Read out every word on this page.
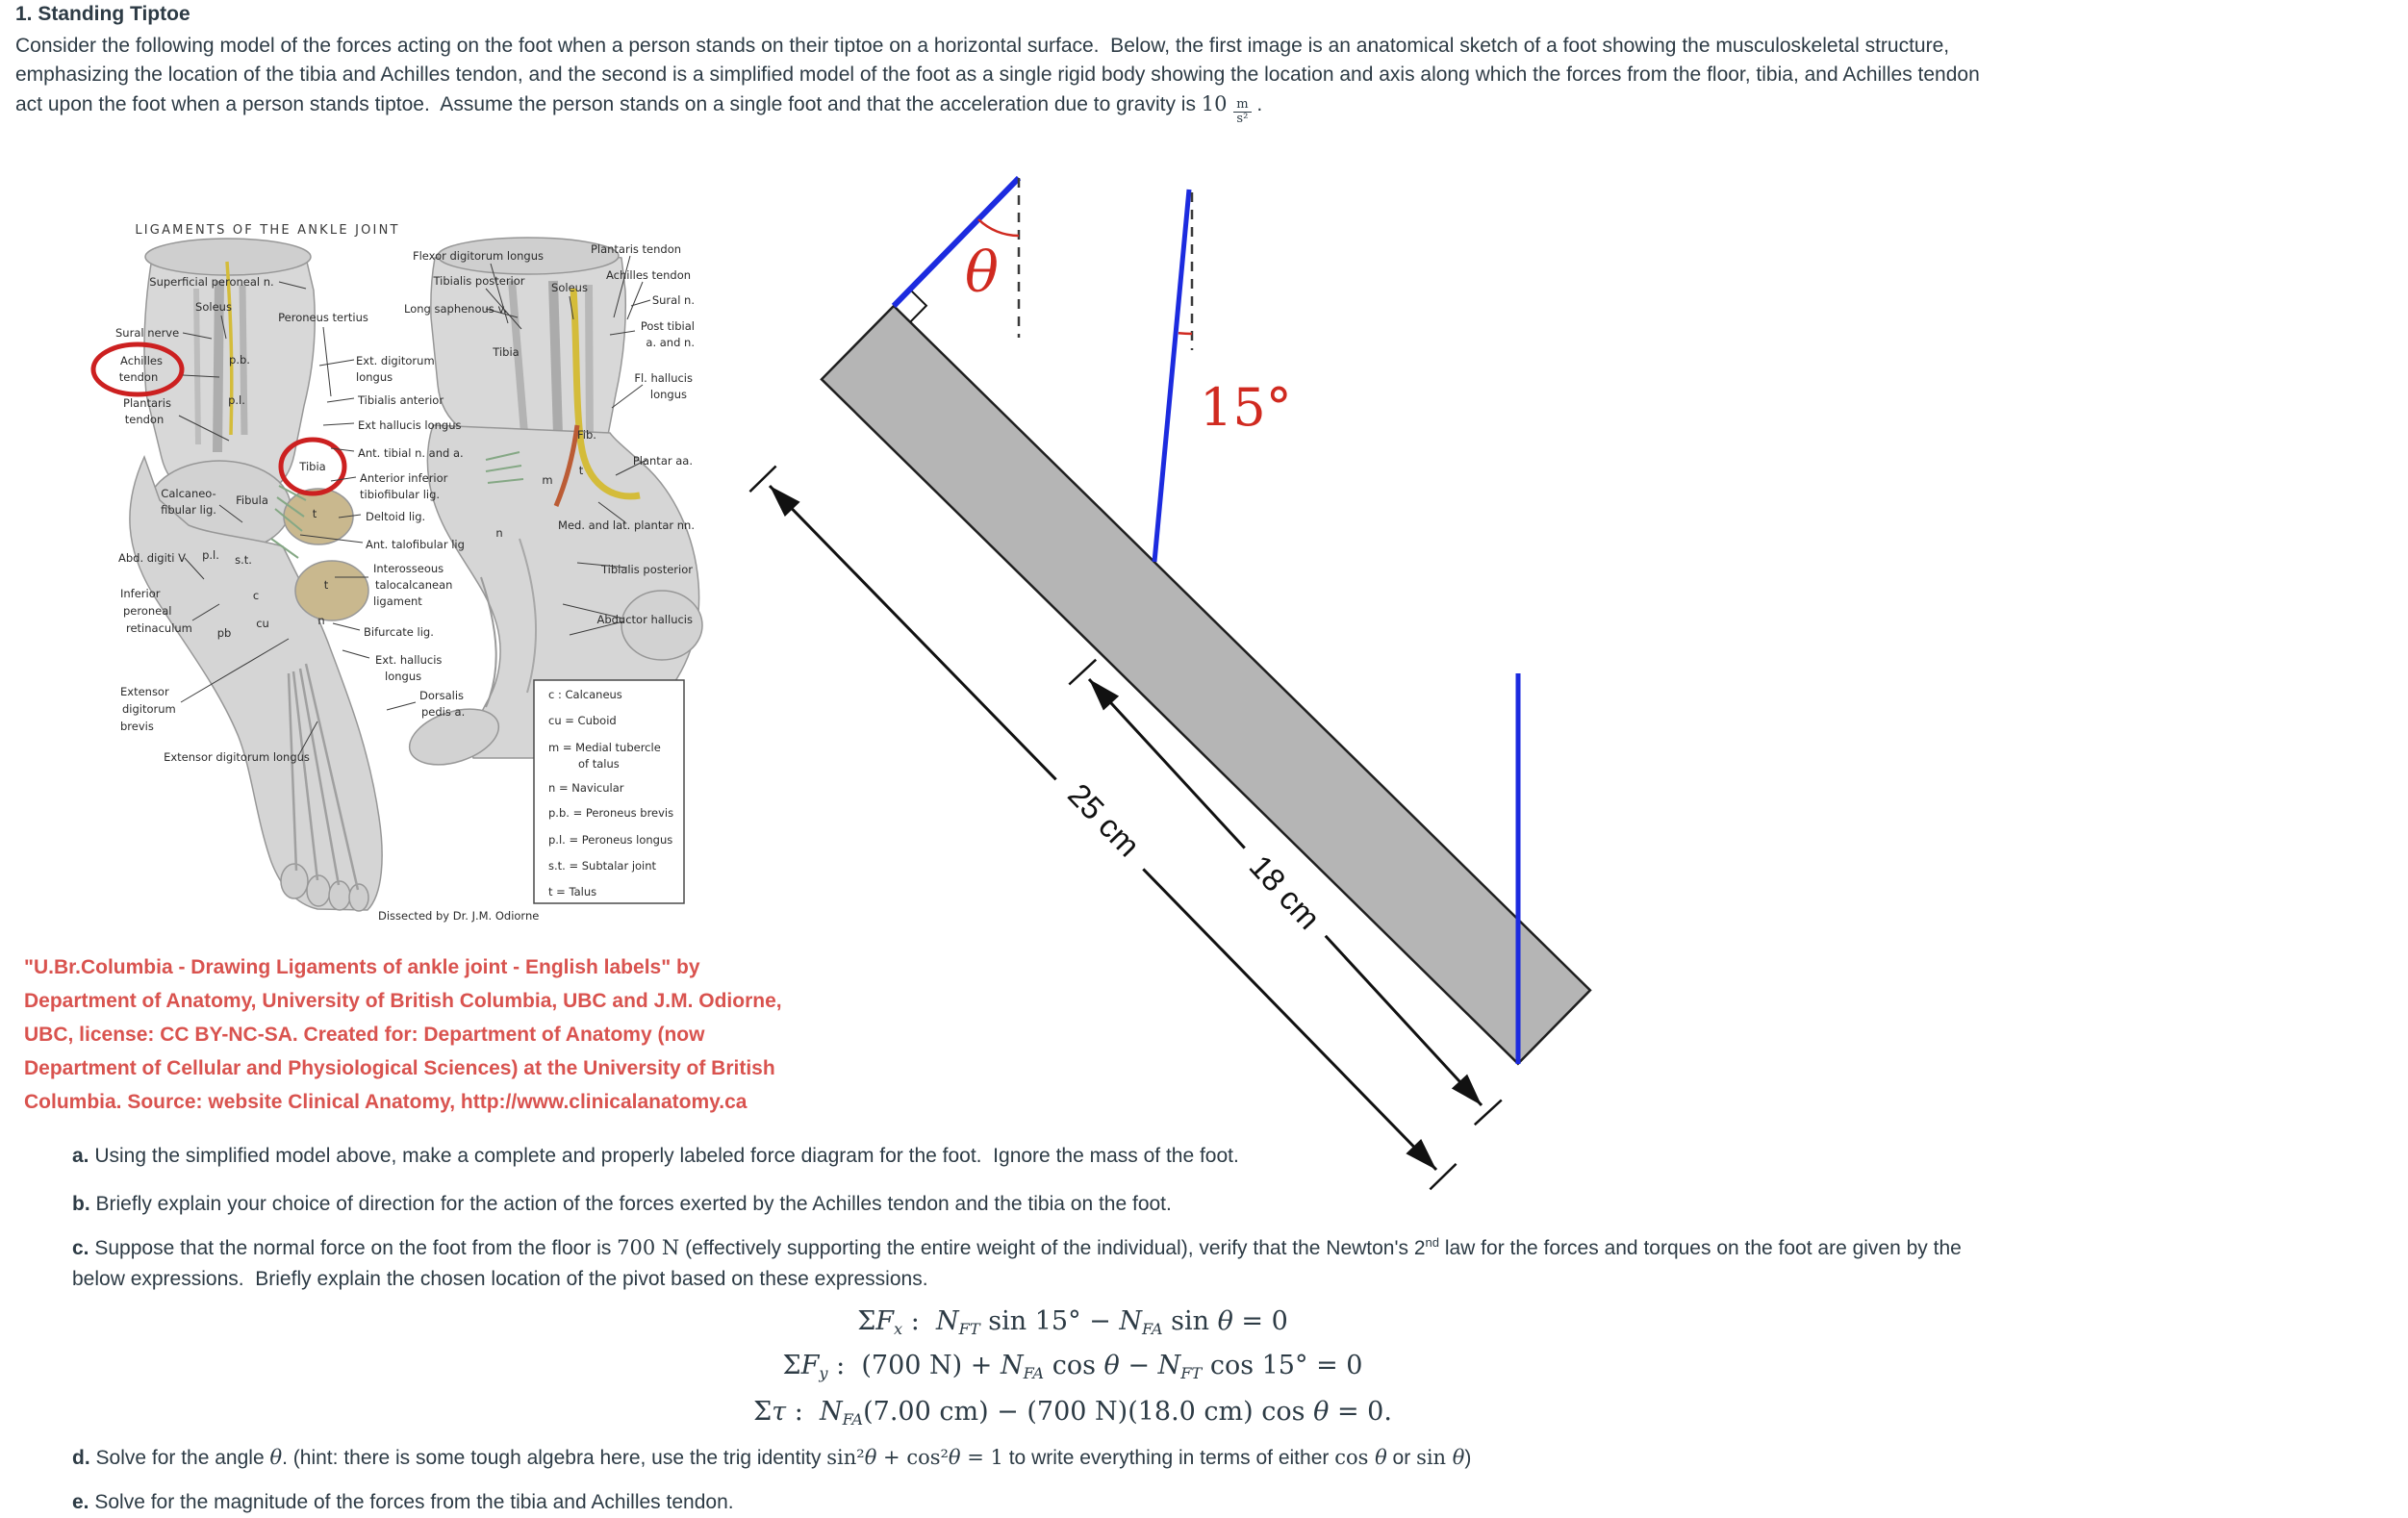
1. Standing Tiptoe
Consider the following model of the forces acting on the foot when a person stands on their tiptoe on a horizontal surface.  Below, the first image is an anatomical sketch of a foot showing the musculoskeletal structure,
emphasizing the location of the tibia and Achilles tendon, and the second is a simplified model of the foot as a single rigid body showing the location and axis along which the forces from the floor, tibia, and Achilles tendon
act upon the foot when a person stands tiptoe.  Assume the person stands on a single foot and that the acceleration due to gravity is $10 \frac{m}{\text{s²}}$ .
LIGAMENTS OF THE ANKLE JOINT
Superficial peroneal n.
Soleus
Peroneus tertius
Sural nerve
Achilles
tendon
Plantaris
tendon
p.b.
p.l.
Calcaneo-
fibular lig.
Fibula
Abd. digiti V
Inferior
peroneal
retinaculum
Extensor
digitorum
brevis
Extensor digitorum longus
Ext. digitorum
longus
Tibialis anterior
Ext hallucis longus
Ant. tibial n. and a.
Tibia
Anterior inferior
tibiofibular lig.
Deltoid lig.
Ant. talofibular lig
Interosseous
talocalcanean
ligament
Bifurcate lig.
Ext. hallucis
longus
Dorsalis
pedis a.
s.t.
c
cu	n
t
t
pb
p.l.
Flexor digitorum longus
Tibialis posterior Soleus
Plantaris tendon
Achilles tendon
Sural n.
Long saphenous v.
Post tibial
a. and n.
Tibia
Fl. hallucis
longus
Fib.
Plantar aa.
Med. and lat. plantar nn.
Tibialis posterior
Abductor hallucis
m
n
t
c : Calcaneus
cu = Cuboid
m = Medial tubercle
of talus
n = Navicular
p.b. = Peroneus brevis
p.l. = Peroneus longus
s.t. = Subtalar joint
t = Talus
Dissected by Dr. J.M. Odiorne
"U.Br.Columbia - Drawing Ligaments of ankle joint - English labels" by
Department of Anatomy, University of British Columbia, UBC and J.M. Odiorne,
UBC, license: CC BY-NC-SA. Created for: Department of Anatomy (now
Department of Cellular and Physiological Sciences) at the University of British
Columbia. Source: website Clinical Anatomy, http://www.clinicalanatomy.ca
θ
15°
25 cm
18 cm
a. Using the simplified model above, make a complete and properly labeled force diagram for the foot.  Ignore the mass of the foot.
b. Briefly explain your choice of direction for the action of the forces exerted by the Achilles tendon and the tibia on the foot.
c. Suppose that the normal force on the foot from the floor is 700 N (effectively supporting the entire weight of the individual), verify that the Newton's 2nd law for the forces and torques on the foot are given by the
below expressions.  Briefly explain the chosen location of the pivot based on these expressions.
ΣFx :  NFT sin 15° − NFA sin θ = 0
ΣFy :  (700 N) + NFA cos θ − NFT cos 15° = 0
Στ :  NFA(7.00 cm) − (700 N)(18.0 cm) cos θ = 0.
d. Solve for the angle θ. (hint: there is some tough algebra here, use the trig identity sin²θ + cos²θ = 1 to write everything in terms of either cos θ or sin θ)
e. Solve for the magnitude of the forces from the tibia and Achilles tendon.
